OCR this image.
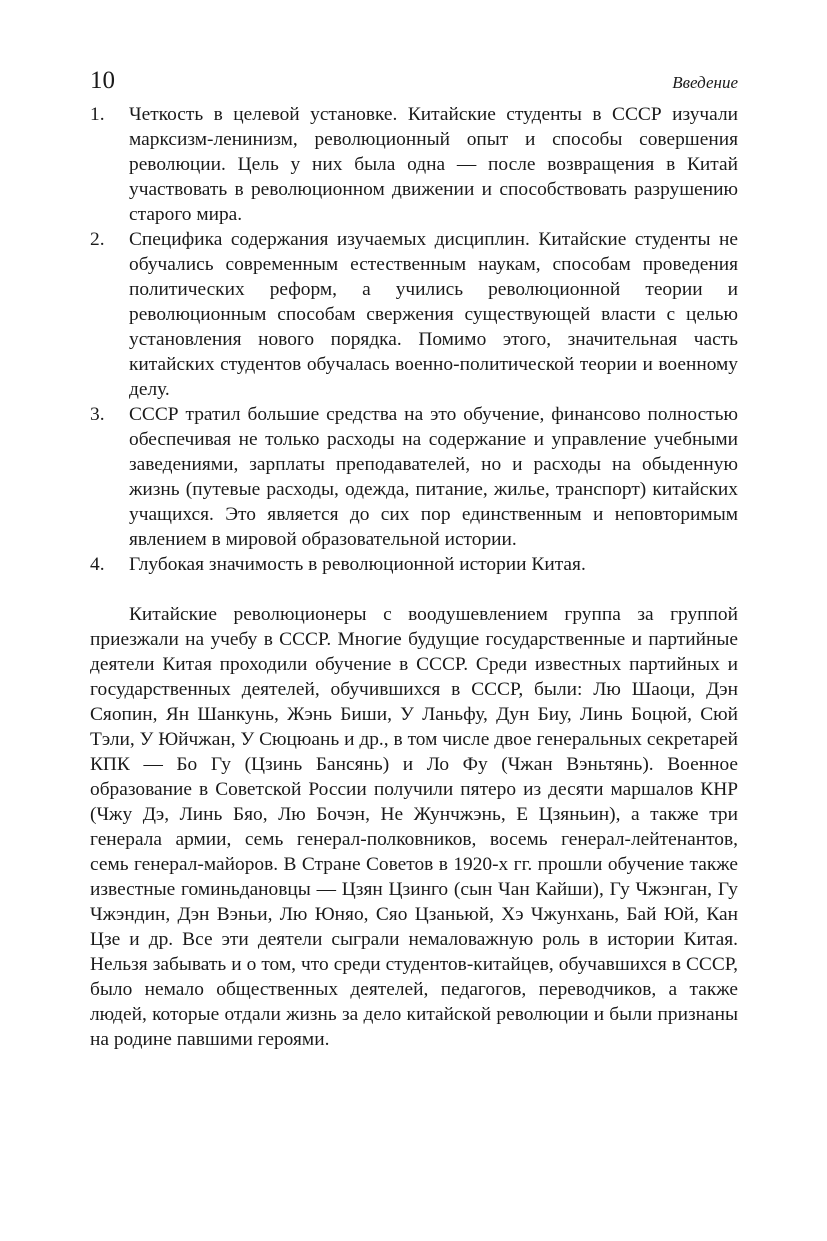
10	Введение
1. Четкость в целевой установке. Китайские студенты в СССР изучали марксизм-ленинизм, революционный опыт и способы совершения революции. Цель у них была одна — после возвращения в Китай участвовать в революционном движении и способствовать разрушению старого мира.
2. Специфика содержания изучаемых дисциплин. Китайские студенты не обучались современным естественным наукам, способам проведения политических реформ, а учились революционной теории и революционным способам свержения существующей власти с целью установления нового порядка. Помимо этого, значительная часть китайских студентов обучалась военно-политической теории и военному делу.
3. СССР тратил большие средства на это обучение, финансово полностью обеспечивая не только расходы на содержание и управление учебными заведениями, зарплаты преподавателей, но и расходы на обыденную жизнь (путевые расходы, одежда, питание, жилье, транспорт) китайских учащихся. Это является до сих пор единственным и неповторимым явлением в мировой образовательной истории.
4. Глубокая значимость в революционной истории Китая.

Китайские революционеры с воодушевлением группа за группой приезжали на учебу в СССР. Многие будущие государственные и партийные деятели Китая проходили обучение в СССР. Среди известных партийных и государственных деятелей, обучившихся в СССР, были: Лю Шаоци, Дэн Сяопин, Ян Шанкунь, Жэнь Биши, У Ланьфу, Дун Биу, Линь Боцюй, Сюй Тэли, У Юйчжан, У Сюцюань и др., в том числе двое генеральных секретарей КПК — Бо Гу (Цзинь Бансянь) и Ло Фу (Чжан Вэньтянь). Военное образование в Советской России получили пятеро из десяти маршалов КНР (Чжу Дэ, Линь Бяо, Лю Бочэн, Не Жунчжэнь, Е Цзяньин), а также три генерала армии, семь генерал-полковников, восемь генерал-лейтенантов, семь генерал-майоров. В Стране Советов в 1920-х гг. прошли обучение также известные гоминьдановцы — Цзян Цзинго (сын Чан Кайши), Гу Чжэнган, Гу Чжэндин, Дэн Вэньи, Лю Юняо, Сяо Цзаньюй, Хэ Чжунхань, Бай Юй, Кан Цзе и др. Все эти деятели сыграли немаловажную роль в истории Китая. Нельзя забывать и о том, что среди студентов-китайцев, обучавшихся в СССР, было немало общественных деятелей, педагогов, переводчиков, а также людей, которые отдали жизнь за дело китайской революции и были признаны на родине павшими героями.
